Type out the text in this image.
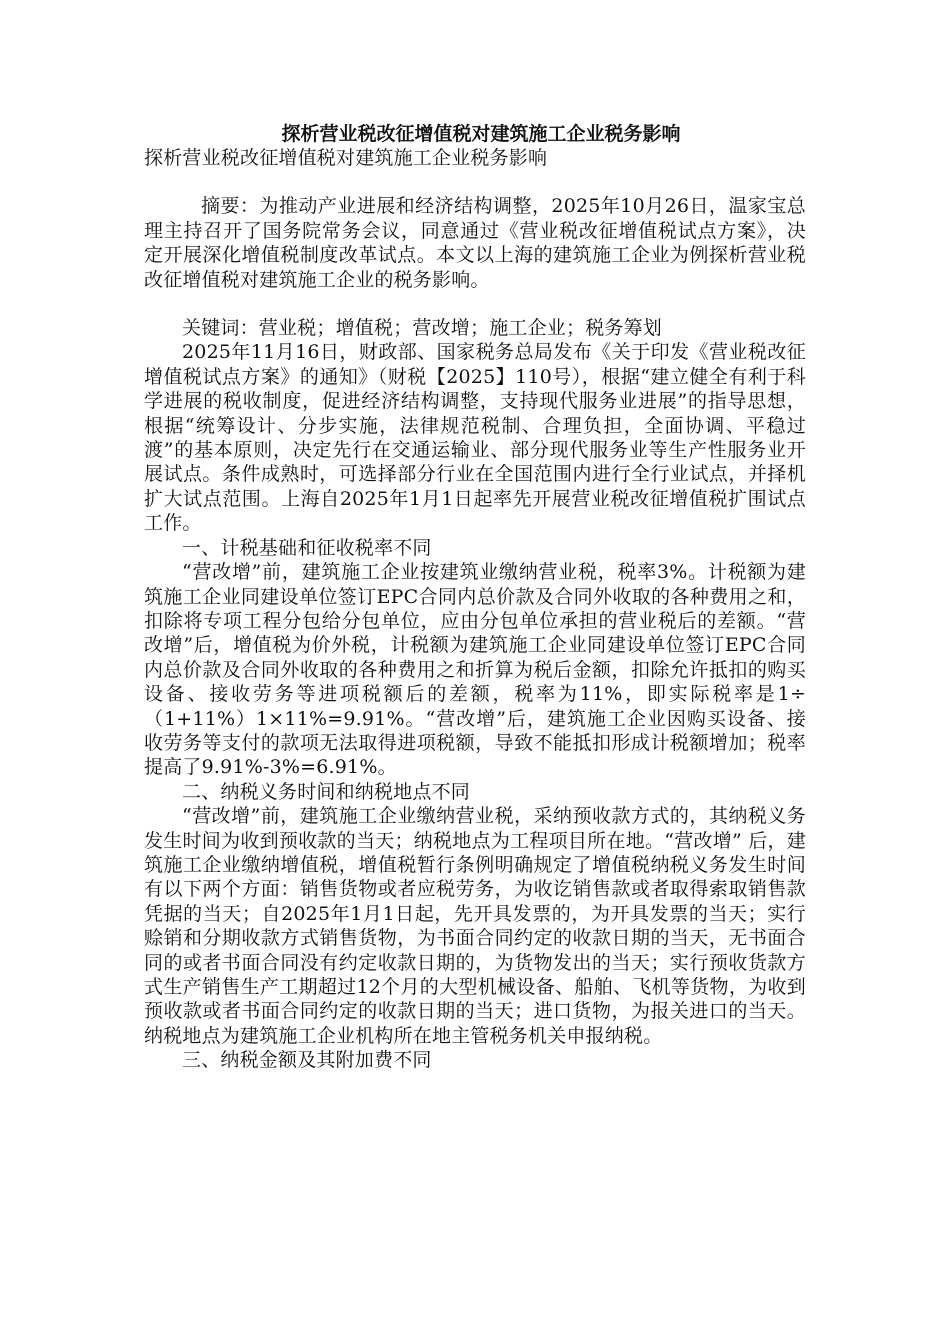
探析营业税改征增值税对建筑施工企业税务影响

探析营业税改征增值税对建筑施工企业税务影响

摘要：为推动产业进展和经济结构调整，2025年10月26日，温家宝总理主持召开了国务院常务会议，同意通过《营业税改征增值税试点方案》，决定开展深化增值税制度改革试点。本文以上海的建筑施工企业为例探析营业税改征增值税对建筑施工企业的税务影响。

关键词：营业税；增值税；营改增；施工企业；税务筹划

2025年11月16日，财政部、国家税务总局发布《关于印发《营业税改征增值税试点方案》的通知》（财税【2025】110号），根据“建立健全有利于科学进展的税收制度，促进经济结构调整，支持现代服务业进展”的指导思想，根据“统筹设计、分步实施，法律规范税制、合理负担，全面协调、平稳过渡”的基本原则，决定先行在交通运输业、部分现代服务业等生产性服务业开展试点。条件成熟时，可选择部分行业在全国范围内进行全行业试点，并择机扩大试点范围。上海自2025年1月1日起率先开展营业税改征增值税扩围试点工作。

一、计税基础和征收税率不同

“营改增”前，建筑施工企业按建筑业缴纳营业税，税率3%。计税额为建筑施工企业同建设单位签订EPC合同内总价款及合同外收取的各种费用之和，扣除将专项工程分包给分包单位，应由分包单位承担的营业税后的差额。“营改增”后，增值税为价外税，计税额为建筑施工企业同建设单位签订EPC合同内总价款及合同外收取的各种费用之和折算为税后金额，扣除允许抵扣的购买设备、接收劳务等进项税额后的差额，税率为11%，即实际税率是1÷（1+11%）1×11%=9.91%。“营改增”后，建筑施工企业因购买设备、接收劳务等支付的款项无法取得进项税额，导致不能抵扣形成计税额增加；税率提高了9.91%-3%=6.91%。

二、纳税义务时间和纳税地点不同

“营改增”前，建筑施工企业缴纳营业税，采纳预收款方式的，其纳税义务发生时间为收到预收款的当天；纳税地点为工程项目所在地。“营改增” 后，建筑施工企业缴纳增值税，增值税暂行条例明确规定了增值税纳税义务发生时间有以下两个方面：销售货物或者应税劳务，为收讫销售款或者取得索取销售款凭据的当天；自2025年1月1日起，先开具发票的，为开具发票的当天；实行赊销和分期收款方式销售货物，为书面合同约定的收款日期的当天，无书面合同的或者书面合同没有约定收款日期的，为货物发出的当天；实行预收货款方式生产销售生产工期超过12个月的大型机械设备、船舶、飞机等货物，为收到预收款或者书面合同约定的收款日期的当天；进口货物，为报关进口的当天。纳税地点为建筑施工企业机构所在地主管税务机关申报纳税。

三、纳税金额及其附加费不同
